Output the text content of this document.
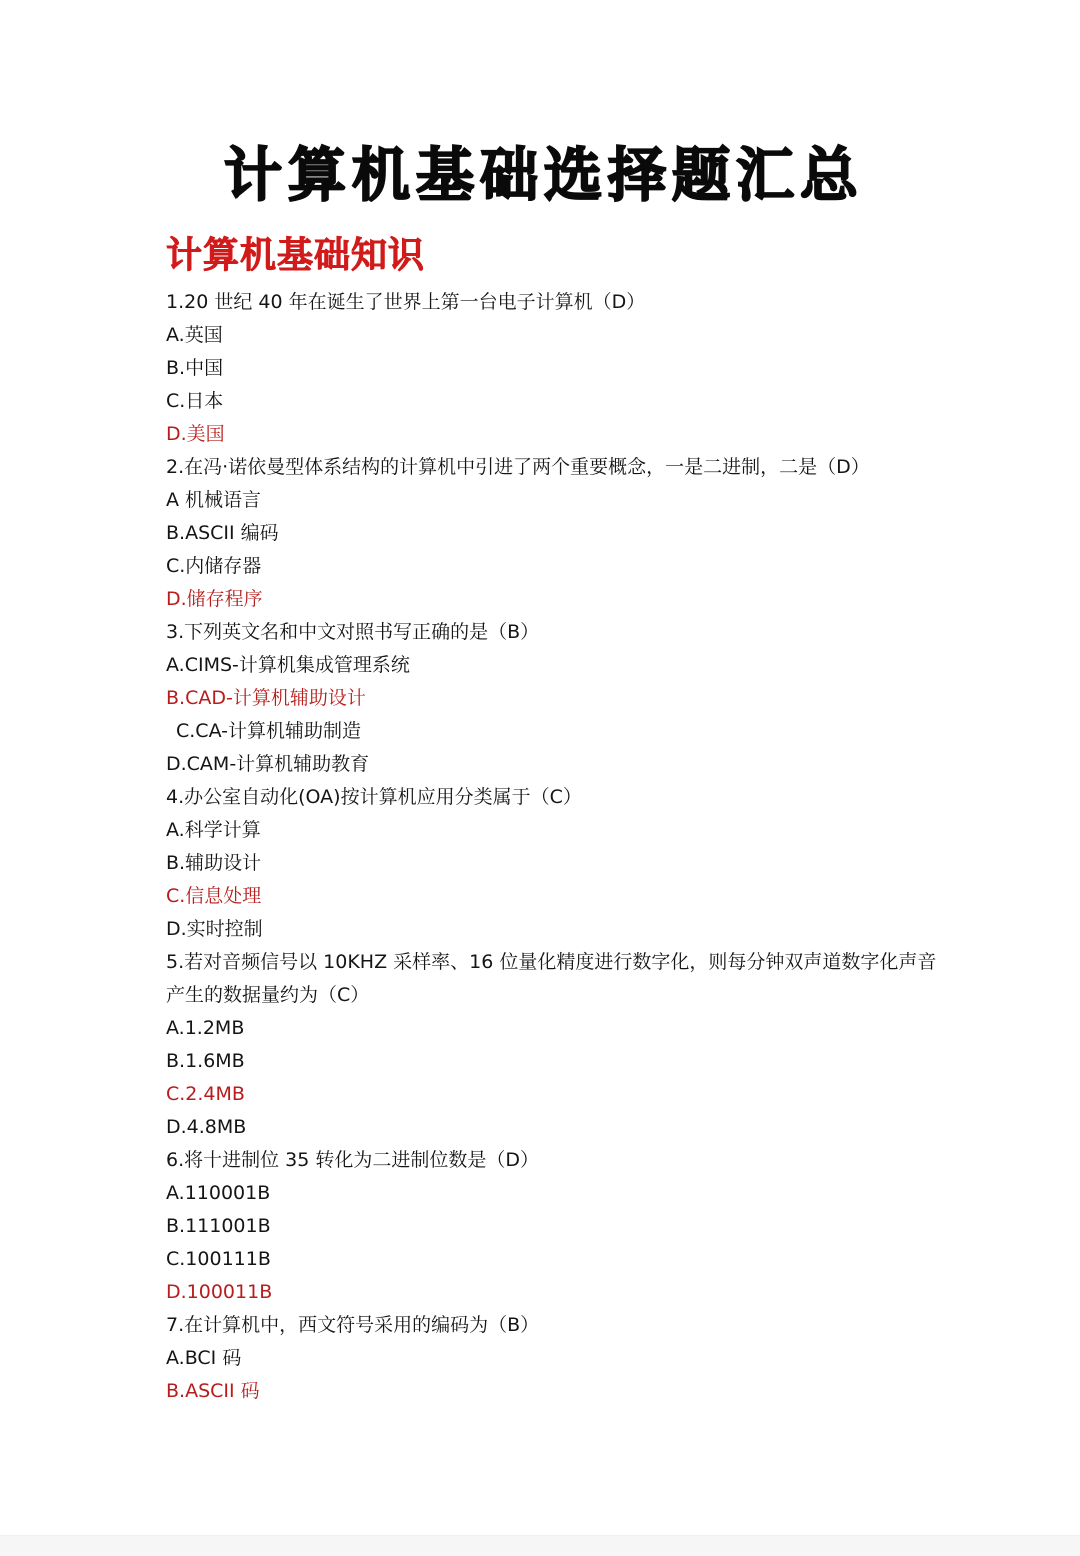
计算机基础选择题汇总
计算机基础知识
1.20 世纪 40 年在诞生了世界上第一台电子计算机（D）
A.英国
B.中国
C.日本
D.美国
2.在冯·诺依曼型体系结构的计算机中引进了两个重要概念，一是二进制，二是（D）
A 机械语言
B.ASCII 编码
C.内储存器
D.储存程序
3.下列英文名和中文对照书写正确的是（B）
A.CIMS-计算机集成管理系统
B.CAD-计算机辅助设计
C.CA-计算机辅助制造
D.CAM-计算机辅助教育
4.办公室自动化(OA)按计算机应用分类属于（C）
A.科学计算
B.辅助设计
C.信息处理
D.实时控制
5.若对音频信号以 10KHZ 采样率、16 位量化精度进行数字化，则每分钟双声道数字化声音
产生的数据量约为（C）
A.1.2MB
B.1.6MB
C.2.4MB
D.4.8MB
6.将十进制位 35 转化为二进制位数是（D）
A.110001B
B.111001B
C.100111B
D.100011B
7.在计算机中，西文符号采用的编码为（B）
A.BCI 码
B.ASCII 码
